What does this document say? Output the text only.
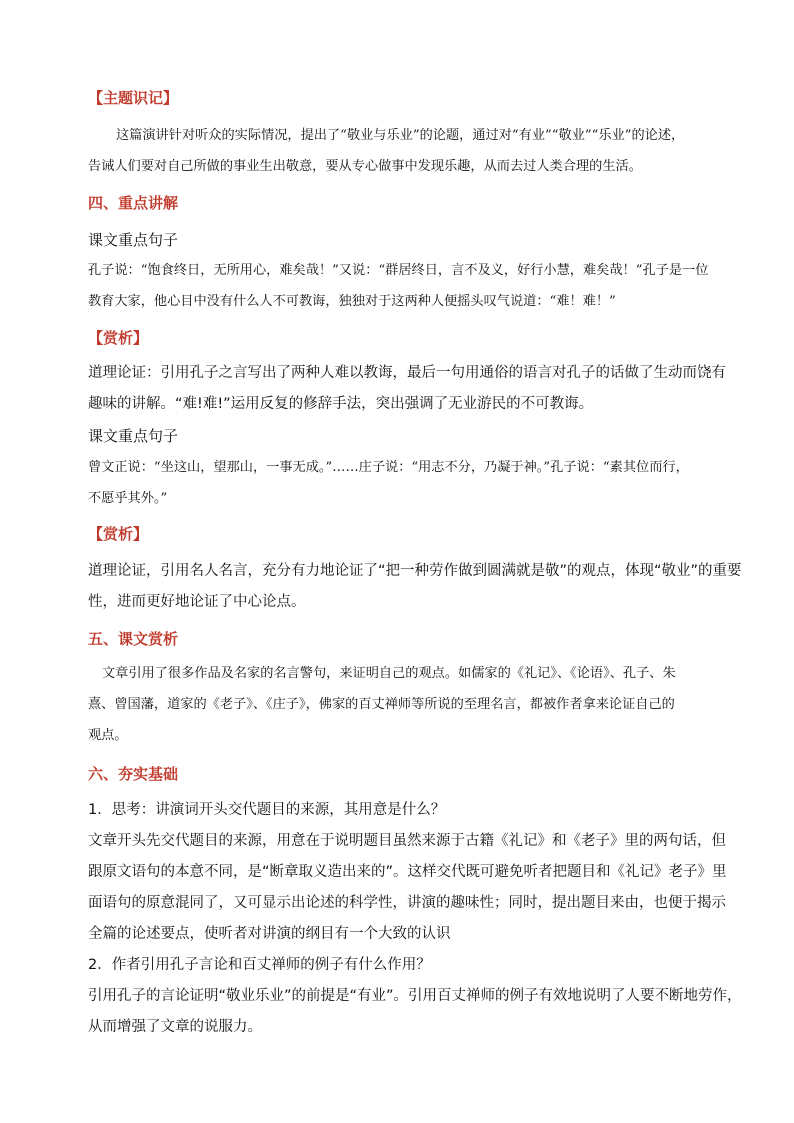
【主题识记】
这篇演讲针对听众的实际情况，提出了“敬业与乐业”的论题，通过对“有业”“敬业”“乐业”的论述，
告诫人们要对自己所做的事业生出敬意，要从专心做事中发现乐趣，从而去过人类合理的生活。
四、重点讲解
课文重点句子
孔子说：“饱食终日，无所用心，难矣哉！”又说：“群居终日，言不及义，好行小慧，难矣哉！”孔子是一位
教育大家，他心目中没有什么人不可教诲，独独对于这两种人便摇头叹气说道：“难！难！”
【赏析】
道理论证：引用孔子之言写出了两种人难以教诲，最后一句用通俗的语言对孔子的话做了生动而饶有
趣味的讲解。“难!难!”运用反复的修辞手法，突出强调了无业游民的不可教诲。
课文重点句子
曾文正说：“坐这山，望那山，一事无成。”……庄子说：“用志不分，乃凝于神。”孔子说：“素其位而行，
不愿乎其外。”
【赏析】
道理论证，引用名人名言，充分有力地论证了“把一种劳作做到圆满就是敬”的观点，体现“敬业”的重要
性，进而更好地论证了中心论点。
五、课文赏析
文章引用了很多作品及名家的名言警句，来证明自己的观点。如儒家的《礼记》、《论语》、孔子、朱
熹、曾国藩，道家的《老子》、《庄子》，佛家的百丈禅师等所说的至理名言，都被作者拿来论证自己的
观点。
六、夯实基础
1．思考：讲演词开头交代题目的来源，其用意是什么？
文章开头先交代题目的来源，用意在于说明题目虽然来源于古籍《礼记》和《老子》里的两句话，但
跟原文语句的本意不同，是“断章取义造出来的”。这样交代既可避免听者把题目和《礼记》老子》里
面语句的原意混同了，又可显示出论述的科学性，讲演的趣味性；同时，提出题目来由，也便于揭示
全篇的论述要点，使听者对讲演的纲目有一个大致的认识
2．作者引用孔子言论和百丈禅师的例子有什么作用？
引用孔子的言论证明“敬业乐业”的前提是“有业”。引用百丈禅师的例子有效地说明了人要不断地劳作，
从而增强了文章的说服力。
